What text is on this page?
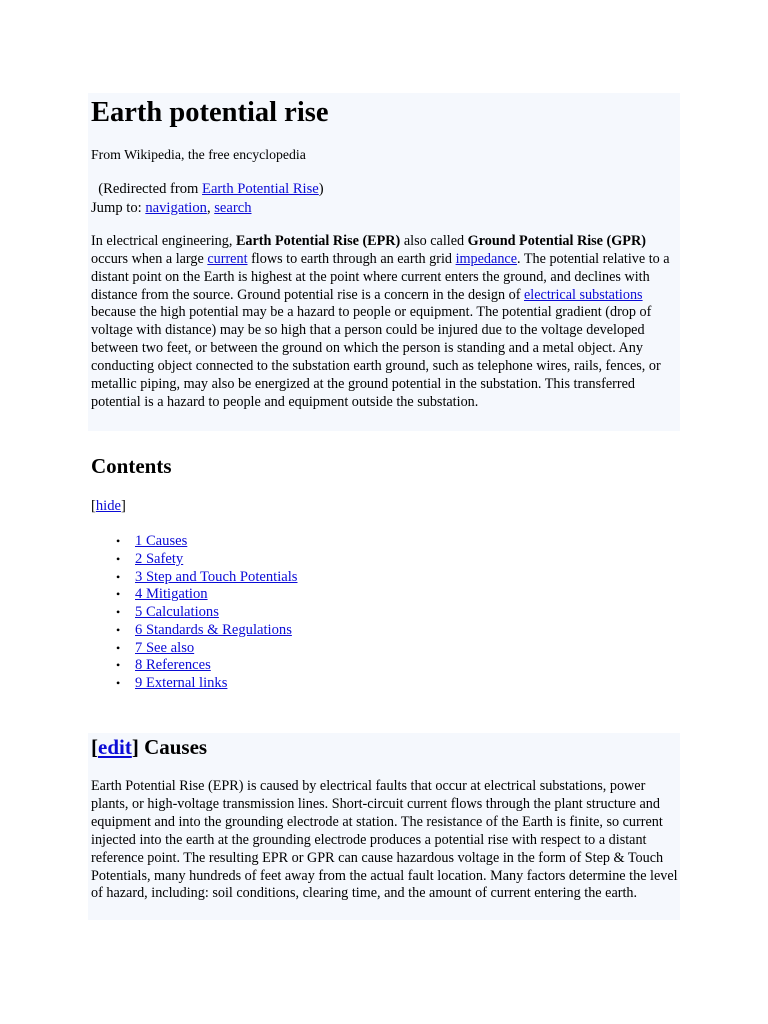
Earth potential rise

From Wikipedia, the free encyclopedia

(Redirected from Earth Potential Rise)

Jump to: navigation, search

In electrical engineering, Earth Potential Rise (EPR) also called Ground Potential Rise (GPR) occurs when a large current flows to earth through an earth grid impedance. The potential relative to a distant point on the Earth is highest at the point where current enters the ground, and declines with distance from the source. Ground potential rise is a concern in the design of electrical substations because the high potential may be a hazard to people or equipment. The potential gradient (drop of voltage with distance) may be so high that a person could be injured due to the voltage developed between two feet, or between the ground on which the person is standing and a metal object. Any conducting object connected to the substation earth ground, such as telephone wires, rails, fences, or metallic piping, may also be energized at the ground potential in the substation. This transferred potential is a hazard to people and equipment outside the substation.

Contents

[hide]

• 1 Causes
• 2 Safety
• 3 Step and Touch Potentials
• 4 Mitigation
• 5 Calculations
• 6 Standards & Regulations
• 7 See also
• 8 References
• 9 External links
[edit] Causes

Earth Potential Rise (EPR) is caused by electrical faults that occur at electrical substations, power plants, or high-voltage transmission lines. Short-circuit current flows through the plant structure and equipment and into the grounding electrode at station. The resistance of the Earth is finite, so current injected into the earth at the grounding electrode produces a potential rise with respect to a distant reference point. The resulting EPR or GPR can cause hazardous voltage in the form of Step & Touch Potentials, many hundreds of feet away from the actual fault location. Many factors determine the level of hazard, including: soil conditions, clearing time, and the amount of current entering the earth.
